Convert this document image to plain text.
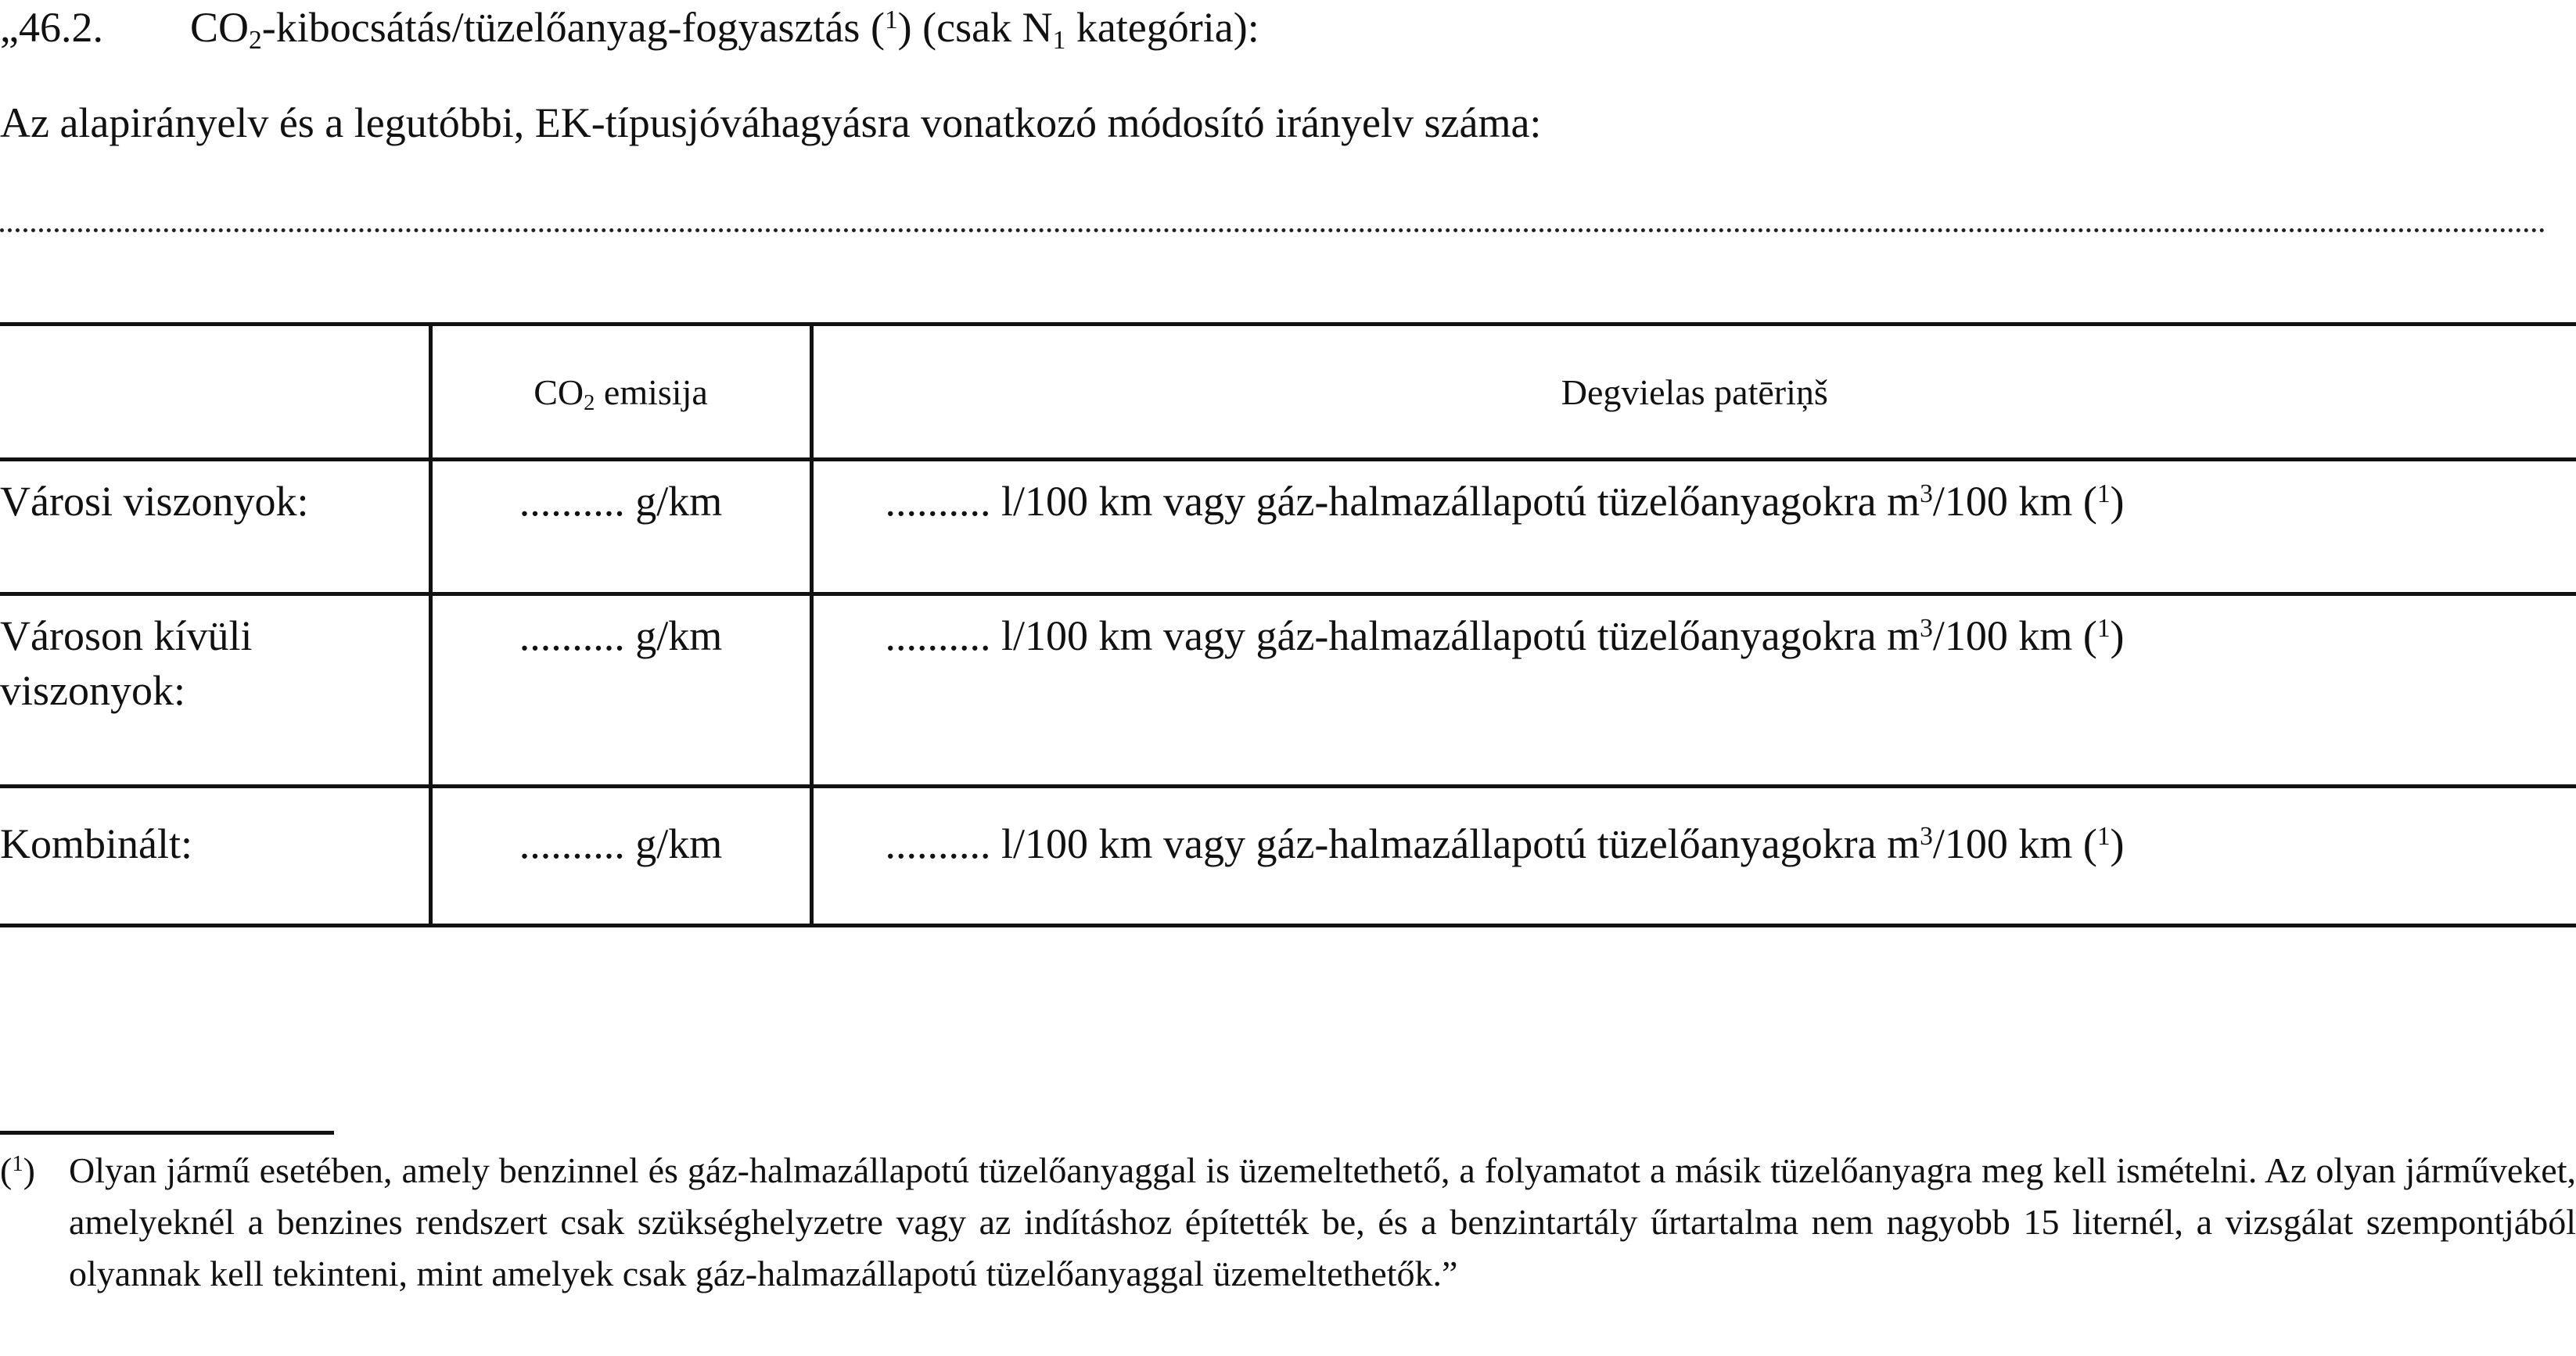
„46.2. $CO_2-kibocsátás/tüzelőanyag$-fogyasztás ($^1$) (csak $N_1$ kategória):
Az alapirányelv és a legutóbbi, EK-típusjóváhagyásra vonatkozó módosító irányelv száma:
	$CO_2$ emisija	Degvielas patēriņš
Városi viszonyok:	.......... g/km	.......... l/100 km vagy gáz-halmazállapotú tüzelőanyagokra $m^3/100$ km ($^1$)
Városon kívüli viszonyok:	.......... g/km	.......... l/100 km vagy gáz-halmazállapotú tüzelőanyagokra $m^3/100$ km ($^1$)
Kombinált:	.......... g/km	.......... l/100 km vagy gáz-halmazállapotú tüzelőanyagokra $m^3/100$ km ($^1$)
($^1$) Olyan jármű esetében, amely benzinnel és gáz-halmazállapotú tüzelőanyaggal is üzemeltethető, a folyamatot a másik tüzelőanyagra meg kell ismételni. Az olyan járműveket, amelyeknél a benzines rendszert csak szükséghelyzetre vagy az indításhoz építették be, és a benzintartály űrtartalma nem nagyobb 15 liternél, a vizsgálat szempontjából olyannak kell tekinteni, mint amelyek csak gáz-halmazállapotú tüzelőanyaggal üzemeltethetők.”
